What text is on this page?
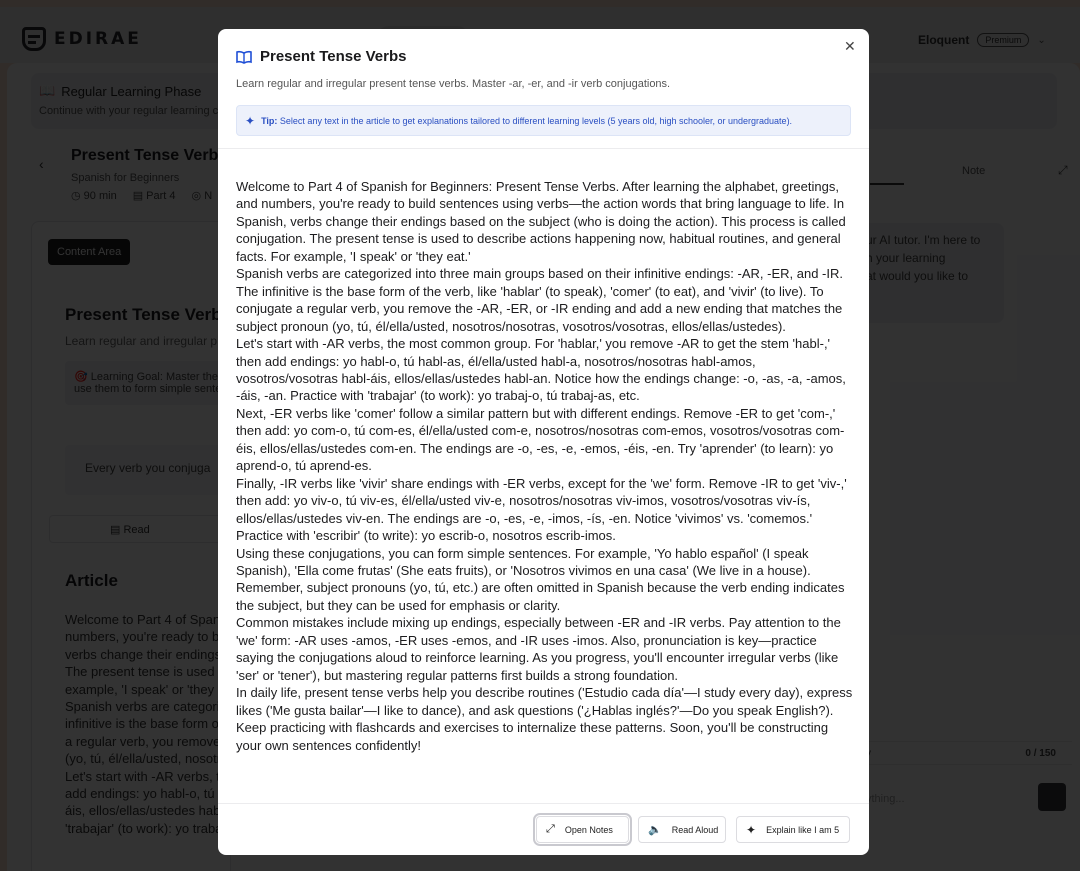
Present Tense Verbs
✕
Learn regular and irregular present tense verbs. Master -ar, -er, and -ir verb conjugations.
✦ Tip: Select any text in the article to get explanations tailored to different learning levels (5 years old, high schooler, or undergraduate).

Welcome to Part 4 of Spanish for Beginners: Present Tense Verbs. After learning the alphabet, greetings, and numbers, you're ready to build sentences using verbs—the action words that bring language to life. In Spanish, verbs change their endings based on the subject (who is doing the action). This process is called conjugation. The present tense is used to describe actions happening now, habitual routines, and general facts. For example, 'I speak' or 'they eat.'

Spanish verbs are categorized into three main groups based on their infinitive endings: -AR, -ER, and -IR. The infinitive is the base form of the verb, like 'hablar' (to speak), 'comer' (to eat), and 'vivir' (to live). To conjugate a regular verb, you remove the -AR, -ER, or -IR ending and add a new ending that matches the subject pronoun (yo, tú, él/ella/usted, nosotros/nosotras, vosotros/vosotras, ellos/ellas/ustedes).

Let's start with -AR verbs, the most common group. For 'hablar,' you remove -AR to get the stem 'habl-,' then add endings: yo habl-o, tú habl-as, él/ella/usted habl-a, nosotros/nosotras habl-amos, vosotros/vosotras habl-áis, ellos/ellas/ustedes habl-an. Notice how the endings change: -o, -as, -a, -amos, -áis, -an. Practice with 'trabajar' (to work): yo trabaj-o, tú trabaj-as, etc.

Next, -ER verbs like 'comer' follow a similar pattern but with different endings. Remove -ER to get 'com-,' then add: yo com-o, tú com-es, él/ella/usted com-e, nosotros/nosotras com-emos, vosotros/vosotras com-éis, ellos/ellas/ustedes com-en. The endings are -o, -es, -e, -emos, -éis, -en. Try 'aprender' (to learn): yo aprend-o, tú aprend-es.

Finally, -IR verbs like 'vivir' share endings with -ER verbs, except for the 'we' form. Remove -IR to get 'viv-,' then add: yo viv-o, tú viv-es, él/ella/usted viv-e, nosotros/nosotras viv-imos, vosotros/vosotras viv-ís, ellos/ellas/ustedes viv-en. The endings are -o, -es, -e, -imos, -ís, -en. Notice 'vivimos' vs. 'comemos.' Practice with 'escribir' (to write): yo escrib-o, nosotros escrib-imos.

Using these conjugations, you can form simple sentences. For example, 'Yo hablo español' (I speak Spanish), 'Ella come frutas' (She eats fruits), or 'Nosotros vivimos en una casa' (We live in a house). Remember, subject pronouns (yo, tú, etc.) are often omitted in Spanish because the verb ending indicates the subject, but they can be used for emphasis or clarity.

Common mistakes include mixing up endings, especially between -ER and -IR verbs. Pay attention to the 'we' form: -AR uses -amos, -ER uses -emos, and -IR uses -imos. Also, pronunciation is key—practice saying the conjugations aloud to reinforce learning. As you progress, you'll encounter irregular verbs (like 'ser' or 'tener'), but mastering regular patterns first builds a strong foundation.

In daily life, present tense verbs help you describe routines ('Estudio cada día'—I study every day), express likes ('Me gusta bailar'—I like to dance), and ask questions ('¿Hablas inglés?'—Do you speak English?). Keep practicing with flashcards and exercises to internalize these patterns. Soon, you'll be constructing your own sentences confidently!

⤢ Open Notes	🔈 Read Aloud ✦ Explain like I am 5
